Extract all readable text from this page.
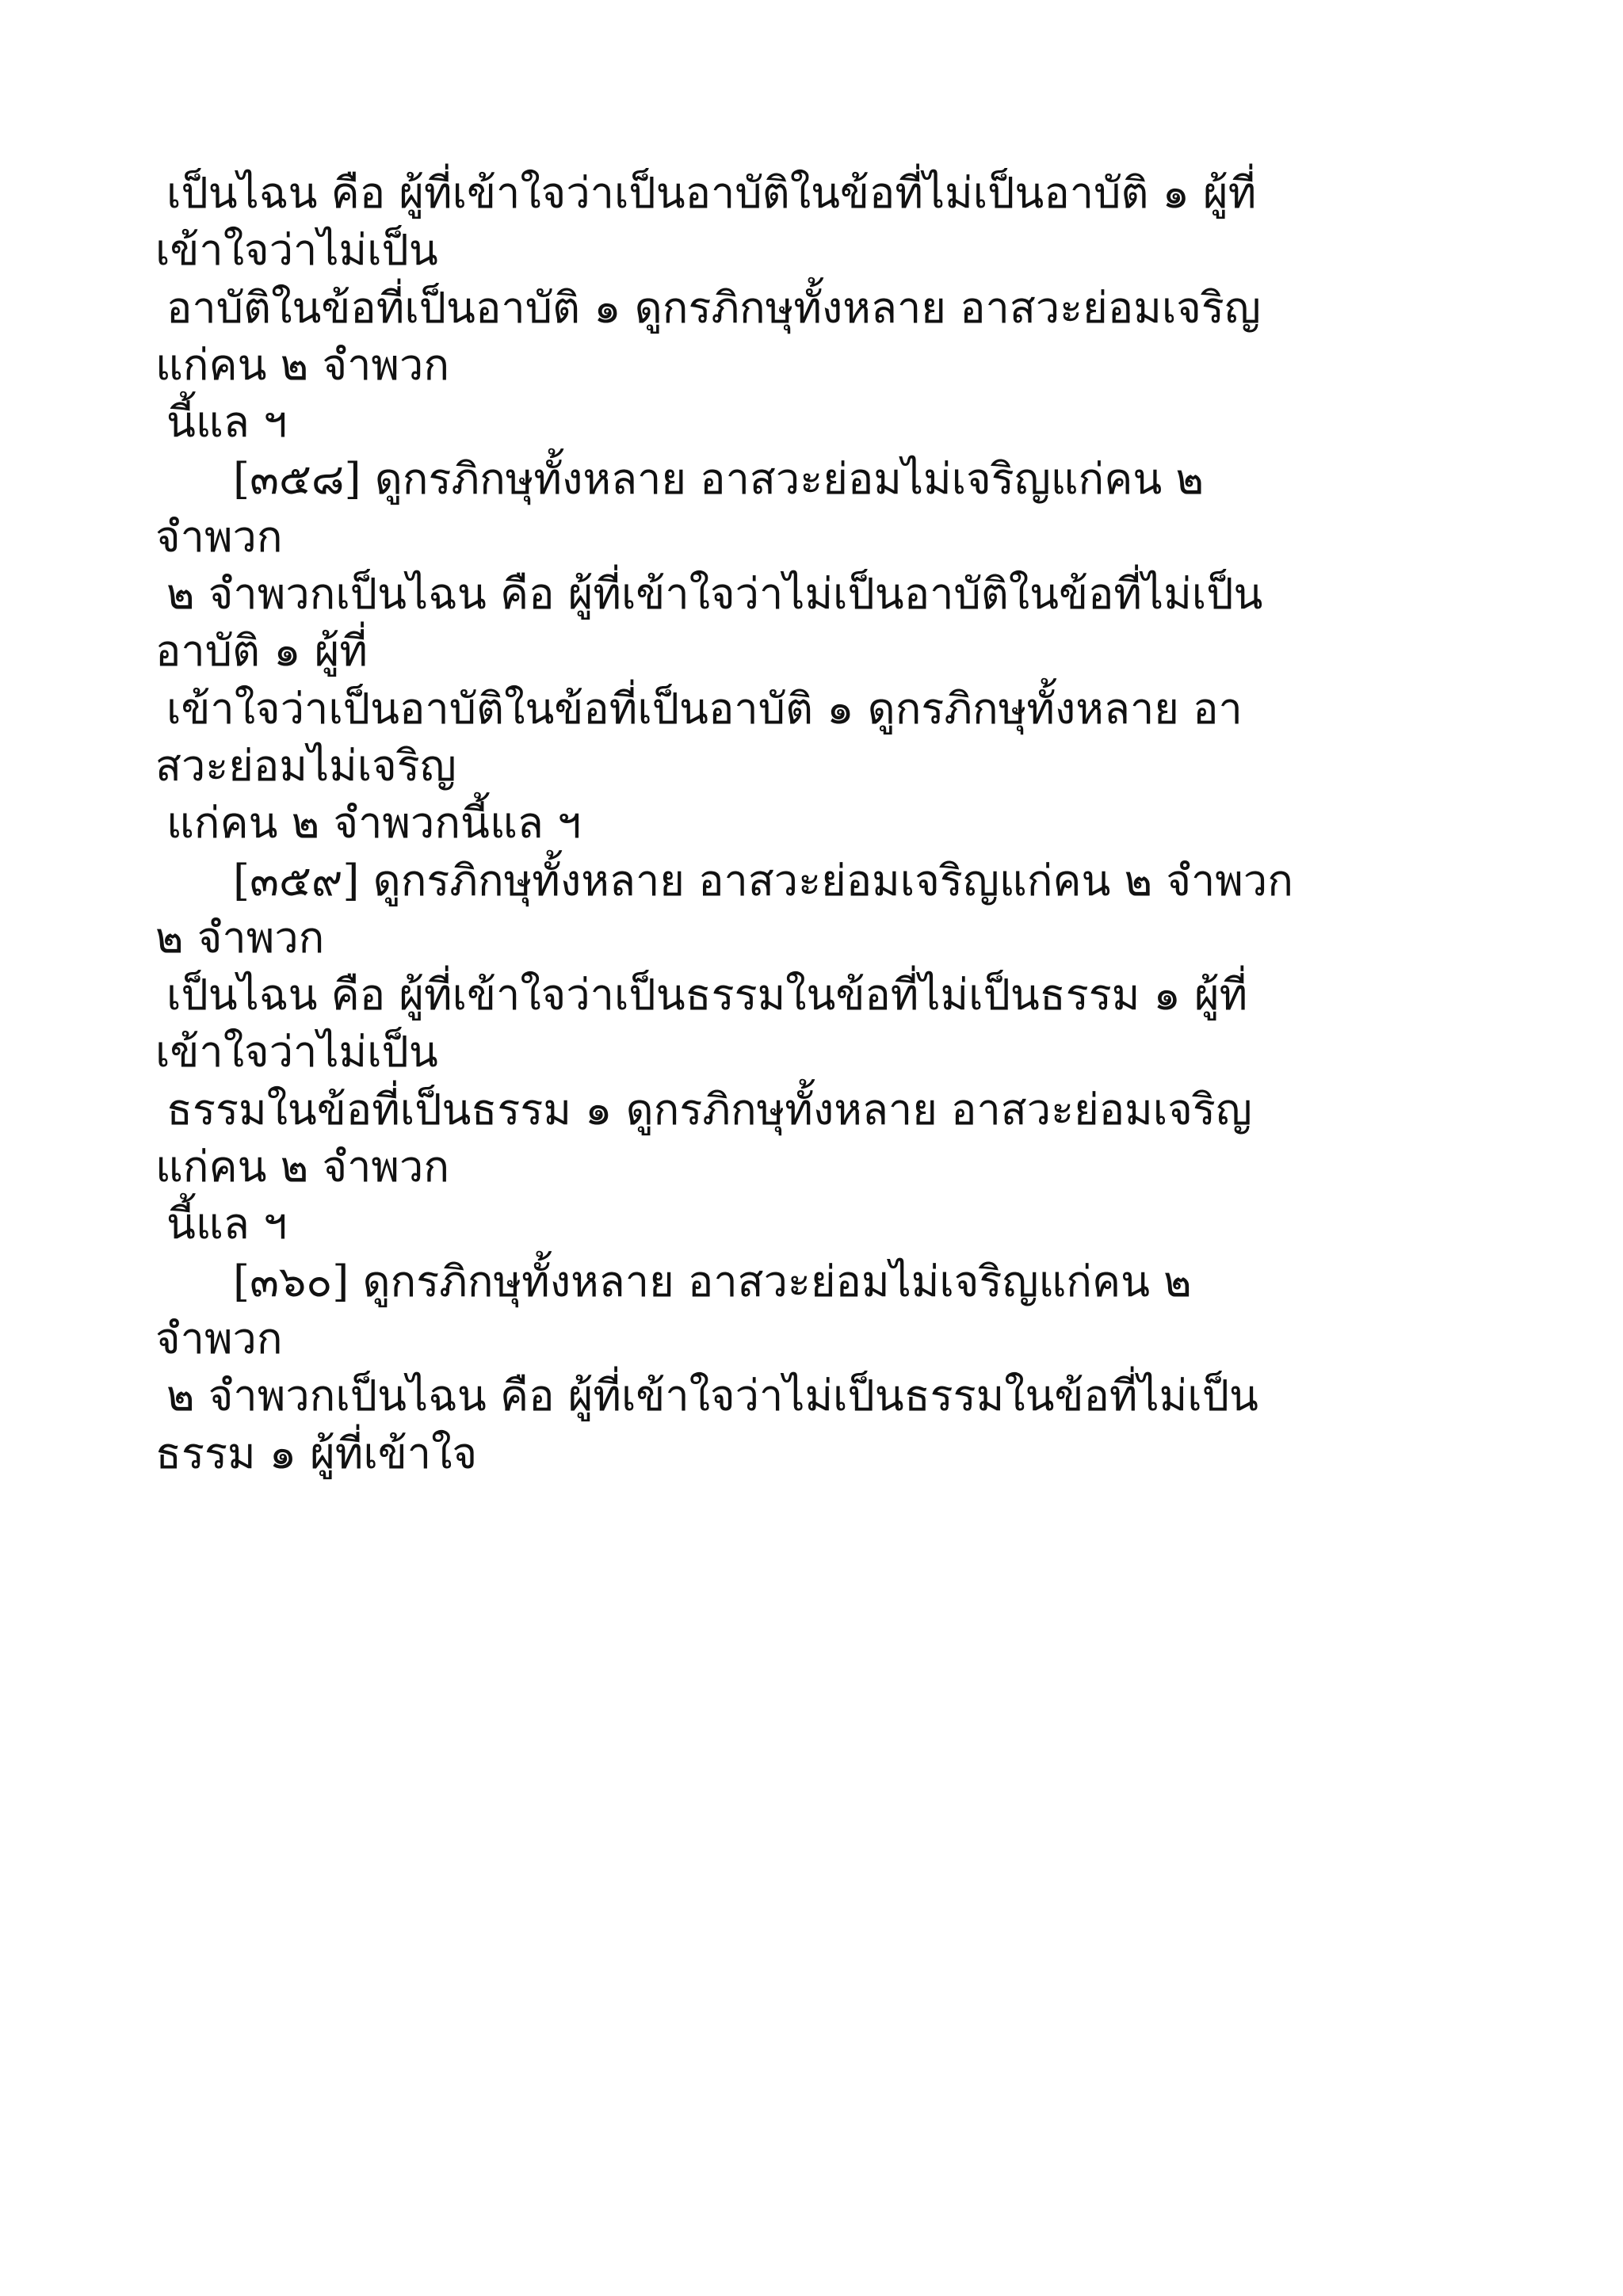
เป็นไฉน คือ ผู้ที่เข้าใจว่าเป็นอาบัติในข้อที่ไม่เป็นอาบัติ ๑ ผู้ที่
เข้าใจว่าไม่เป็น
อาบัติในข้อที่เป็นอาบัติ ๑ ดูกรภิกษุทั้งหลาย อาสวะย่อมเจริญ
แก่คน ๒ จำพวก
นี้แล ฯ
[๓๕๘] ดูกรภิกษุทั้งหลาย อาสวะย่อมไม่เจริญแก่คน ๒
จำพวก
๒ จำพวกเป็นไฉน คือ ผู้ที่เข้าใจว่าไม่เป็นอาบัติในข้อที่ไม่เป็น
อาบัติ ๑ ผู้ที่
เข้าใจว่าเป็นอาบัติในข้อที่เป็นอาบัติ ๑ ดูกรภิกษุทั้งหลาย อา
สวะย่อมไม่เจริญ
แก่คน ๒ จำพวกนี้แล ฯ
[๓๕๙] ดูกรภิกษุทั้งหลาย อาสวะย่อมเจริญแก่คน ๒ จำพวก
๒ จำพวก
เป็นไฉน คือ ผู้ที่เข้าใจว่าเป็นธรรมในข้อที่ไม่เป็นธรรม ๑ ผู้ที่
เข้าใจว่าไม่เป็น
ธรรมในข้อที่เป็นธรรม ๑ ดูกรภิกษุทั้งหลาย อาสวะย่อมเจริญ
แก่คน ๒ จำพวก
นี้แล ฯ
[๓๖๐] ดูกรภิกษุทั้งหลาย อาสวะย่อมไม่เจริญแก่คน ๒
จำพวก
๒ จำพวกเป็นไฉน คือ ผู้ที่เข้าใจว่าไม่เป็นธรรมในข้อที่ไม่เป็น
ธรรม ๑ ผู้ที่เข้าใจ
